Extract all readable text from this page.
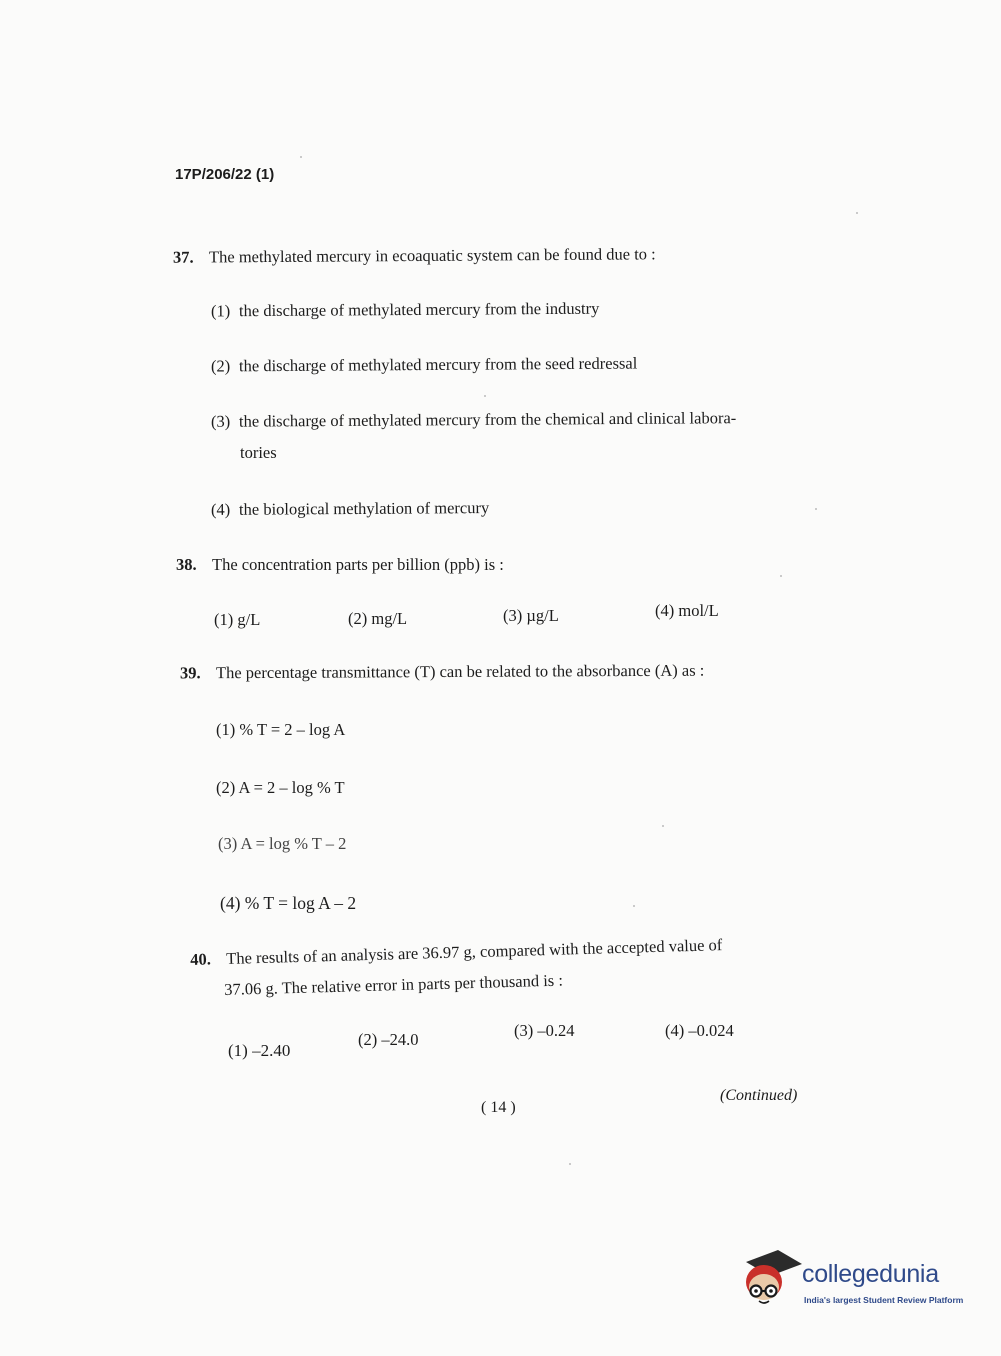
17P/206/22 (1)
37. The methylated mercury in ecoaquatic system can be found due to :
(1) the discharge of methylated mercury from the industry
(2) the discharge of methylated mercury from the seed redressal
(3) the discharge of methylated mercury from the chemical and clinical labora-
tories
(4) the biological methylation of mercury
38. The concentration parts per billion (ppb) is :
(1) g/L	(2) mg/L	(3) µg/L	(4) mol/L
39. The percentage transmittance (T) can be related to the absorbance (A) as :
(1) % T = 2 – log A
(2) A = 2 – log % T
(3) A = log % T – 2
(4) % T = log A – 2
40. The results of an analysis are 36.97 g, compared with the accepted value of
37.06 g. The relative error in parts per thousand is :
(1) –2.40
(2) –24.0	(3) –0.24	(4) –0.024
( 14 )
(Continued)
collegedunia
India's largest Student Review Platform
